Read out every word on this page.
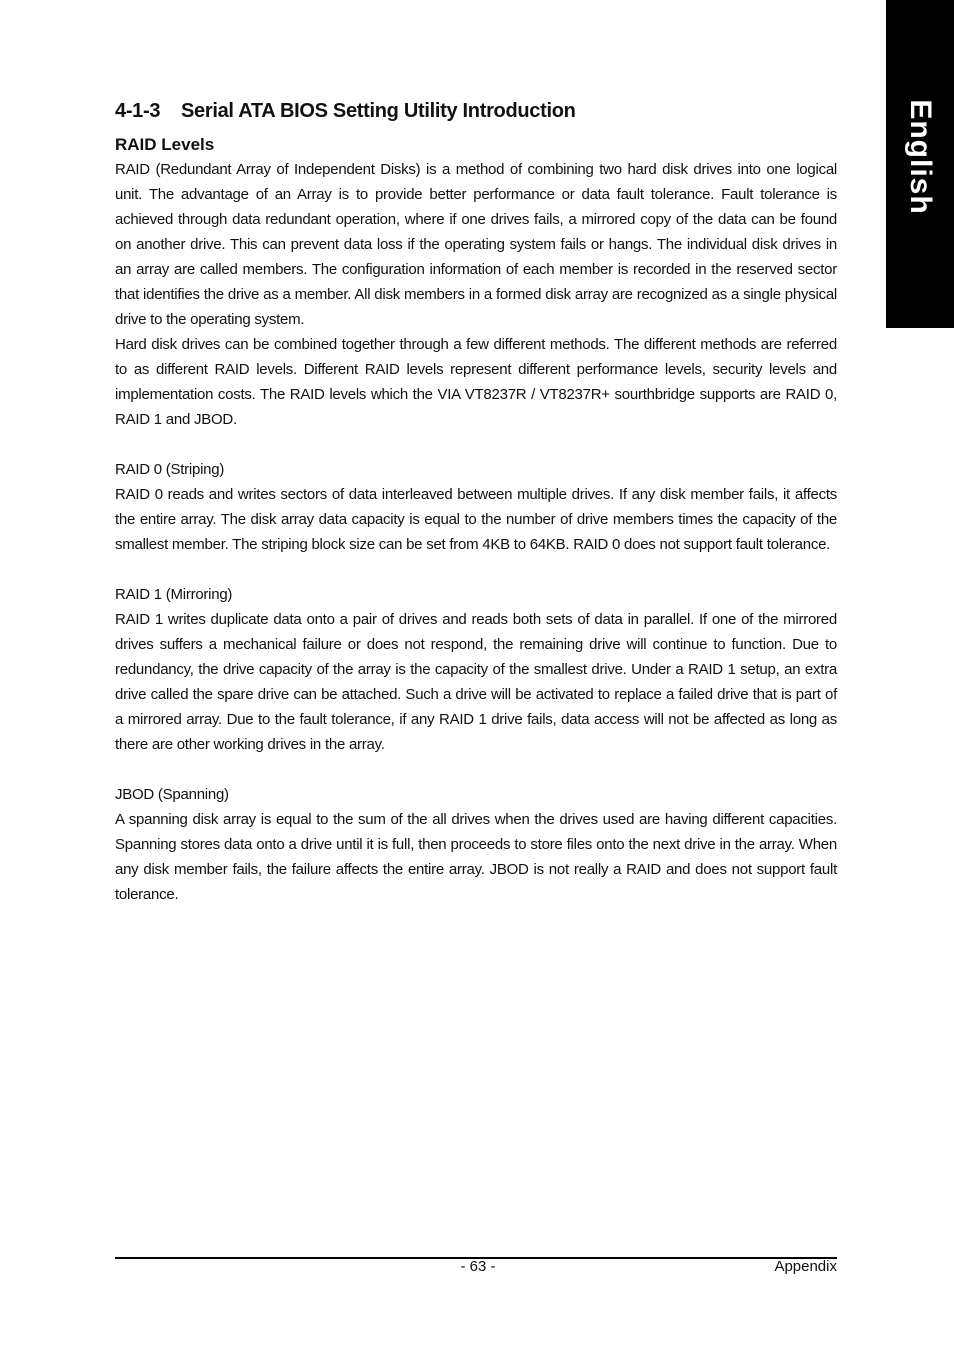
English
4-1-3 Serial ATA BIOS Setting Utility Introduction
RAID Levels

RAID (Redundant Array of Independent Disks) is a method of combining two hard disk drives into one logical unit. The advantage of an Array is to provide better performance or data fault tolerance. Fault tolerance is achieved through data redundant operation, where if one drives fails, a mirrored copy of the data can be found on another drive. This can prevent data loss if the operating system fails or hangs. The individual disk drives in an array are called members. The configuration information of each member is recorded in the reserved sector that identifies the drive as a member. All disk members in a formed disk array are recognized as a single physical drive to the operating system.

Hard disk drives can be combined together through a few different methods. The different methods are referred to as different RAID levels. Different RAID levels represent different performance levels, security levels and implementation costs. The RAID levels which the VIA VT8237R / VT8237R+ sourthbridge supports are RAID 0, RAID 1 and JBOD.

RAID 0 (Striping)

RAID 0 reads and writes sectors of data interleaved between multiple drives. If any disk member fails, it affects the entire array. The disk array data capacity is equal to the number of drive members times the capacity of the smallest member. The striping block size can be set from 4KB to 64KB. RAID 0 does not support fault tolerance.

RAID 1 (Mirroring)

RAID 1 writes duplicate data onto a pair of drives and reads both sets of data in parallel. If one of the mirrored drives suffers a mechanical failure or does not respond, the remaining drive will continue to function. Due to redundancy, the drive capacity of the array is the capacity of the smallest drive. Under a RAID 1 setup, an extra drive called the spare drive can be attached. Such a drive will be activated to replace a failed drive that is part of a mirrored array. Due to the fault tolerance, if any RAID 1 drive fails, data access will not be affected as long as there are other working drives in the array.

JBOD (Spanning)

A spanning disk array is equal to the sum of the all drives when the drives used are having different capacities. Spanning stores data onto a drive until it is full, then proceeds to store files onto the next drive in the array. When any disk member fails, the failure affects the entire array. JBOD is not really a RAID and does not support fault tolerance.

- 63 -	Appendix
